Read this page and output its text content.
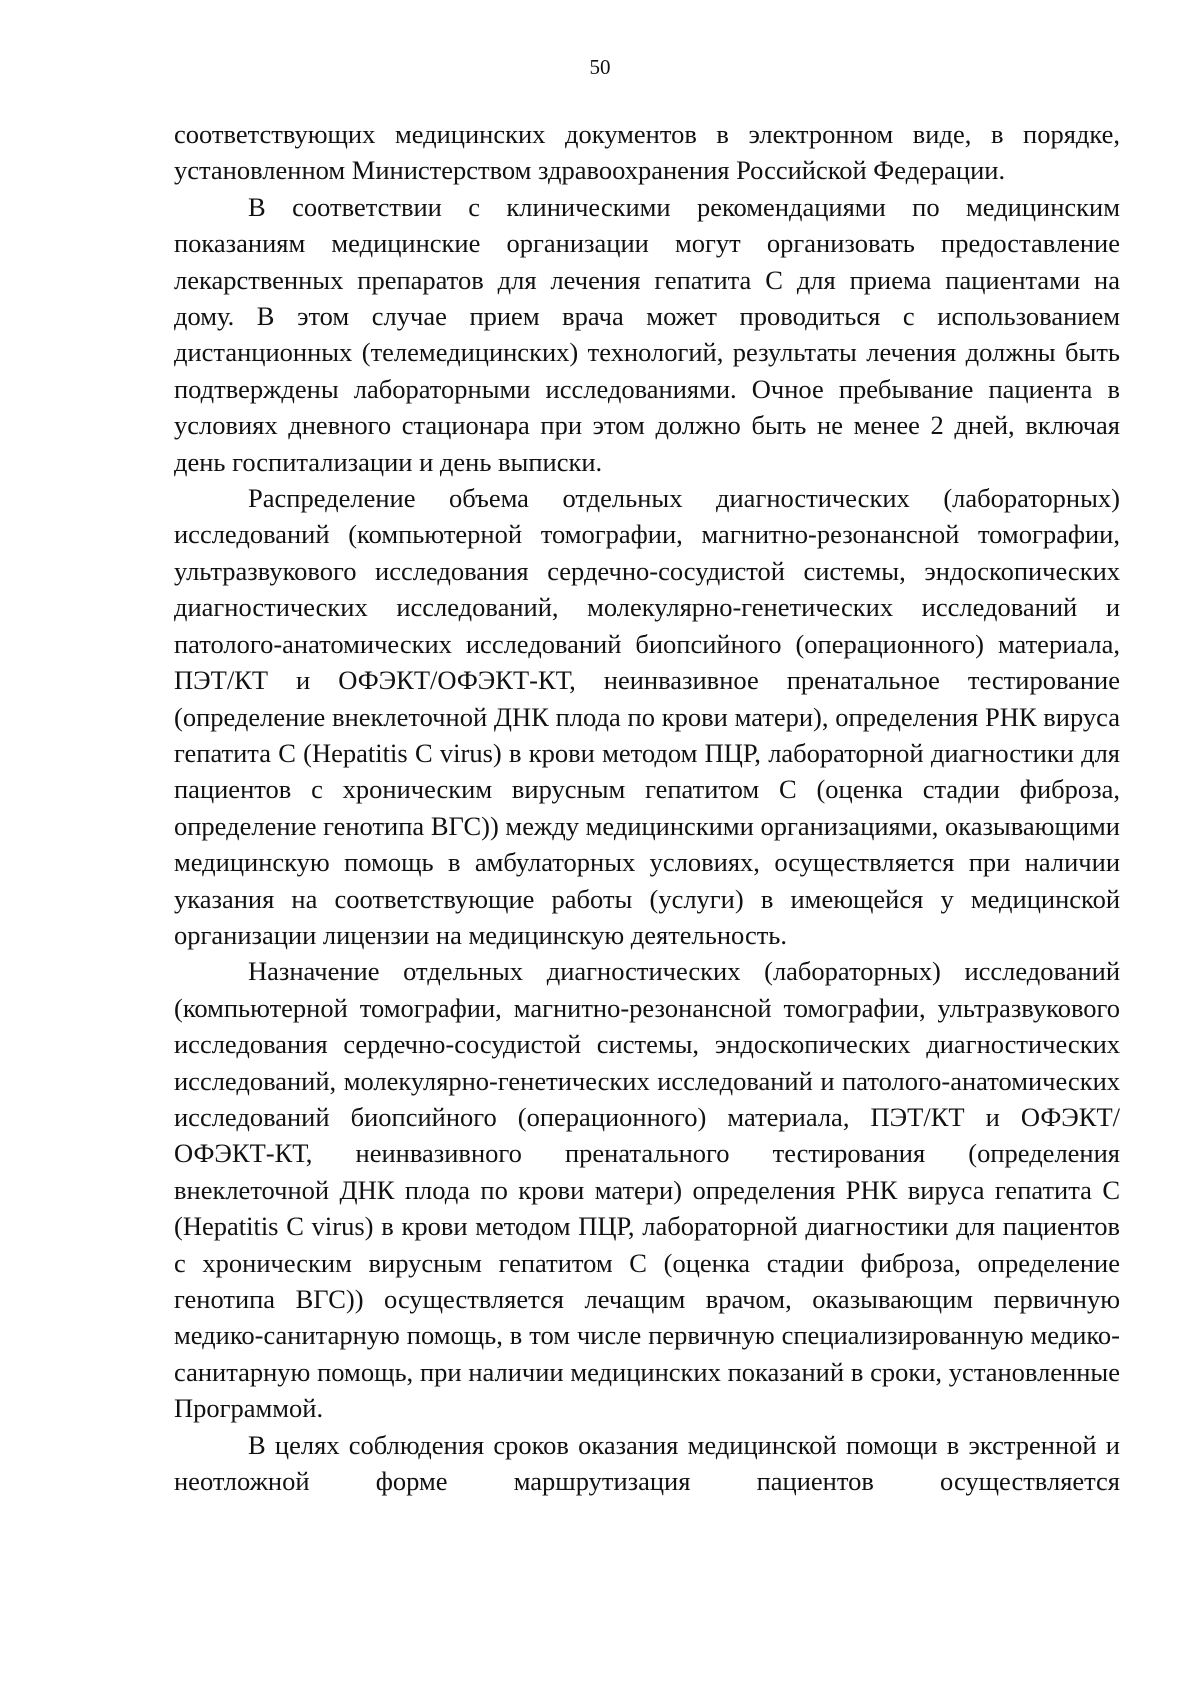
50

соответствующих медицинских документов в электронном виде, в порядке, установленном Министерством здравоохранения Российской Федерации.

В соответствии с клиническими рекомендациями по медицинским показаниям медицинские организации могут организовать предоставление лекарственных препаратов для лечения гепатита С для приема пациентами на дому. В этом случае прием врача может проводиться с использованием дистанционных (телемедицинских) технологий, результаты лечения должны быть подтверждены лабораторными исследованиями. Очное пребывание пациента в условиях дневного стационара при этом должно быть не менее 2 дней, включая день госпитализации и день выписки.

Распределение объема отдельных диагностических (лабораторных) исследований (компьютерной томографии, магнитно-резонансной томографии, ультразвукового исследования сердечно-сосудистой системы, эндоскопических диагностических исследований, молекулярно-генетических исследований и патолого-анатомических исследований биопсийного (операционного) материала, ПЭТ/КТ и ОФЭКТ/ОФЭКТ-КТ, неинвазивное пренатальное тестирование (определение внеклеточной ДНК плода по крови матери), определения РНК вируса гепатита С (Hepatitis C virus) в крови методом ПЦР, лабораторной диагностики для пациентов с хроническим вирусным гепатитом С (оценка стадии фиброза, определение генотипа ВГС)) между медицинскими организациями, оказывающими медицинскую помощь в амбулаторных условиях, осуществляется при наличии указания на соответствующие работы (услуги) в имеющейся у медицинской организации лицензии на медицинскую деятельность.

Назначение отдельных диагностических (лабораторных) исследований (компьютерной томографии, магнитно-резонансной томографии, ультразвукового исследования сердечно-сосудистой системы, эндоскопических диагностических исследований, молекулярно-генетических исследований и патолого-анатомических исследований биопсийного (операционного) материала, ПЭТ/КТ и ОФЭКТ/ОФЭКТ-КТ, неинвазивного пренатального тестирования (определения внеклеточной ДНК плода по крови матери) определения РНК вируса гепатита С (Hepatitis C virus) в крови методом ПЦР, лабораторной диагностики для пациентов с хроническим вирусным гепатитом С (оценка стадии фиброза, определение генотипа ВГС)) осуществляется лечащим врачом, оказывающим первичную медико-санитарную помощь, в том числе первичную специализированную медико-санитарную помощь, при наличии медицинских показаний в сроки, установленные Программой.

В целях соблюдения сроков оказания медицинской помощи в экстренной и неотложной форме маршрутизация пациентов осуществляется
